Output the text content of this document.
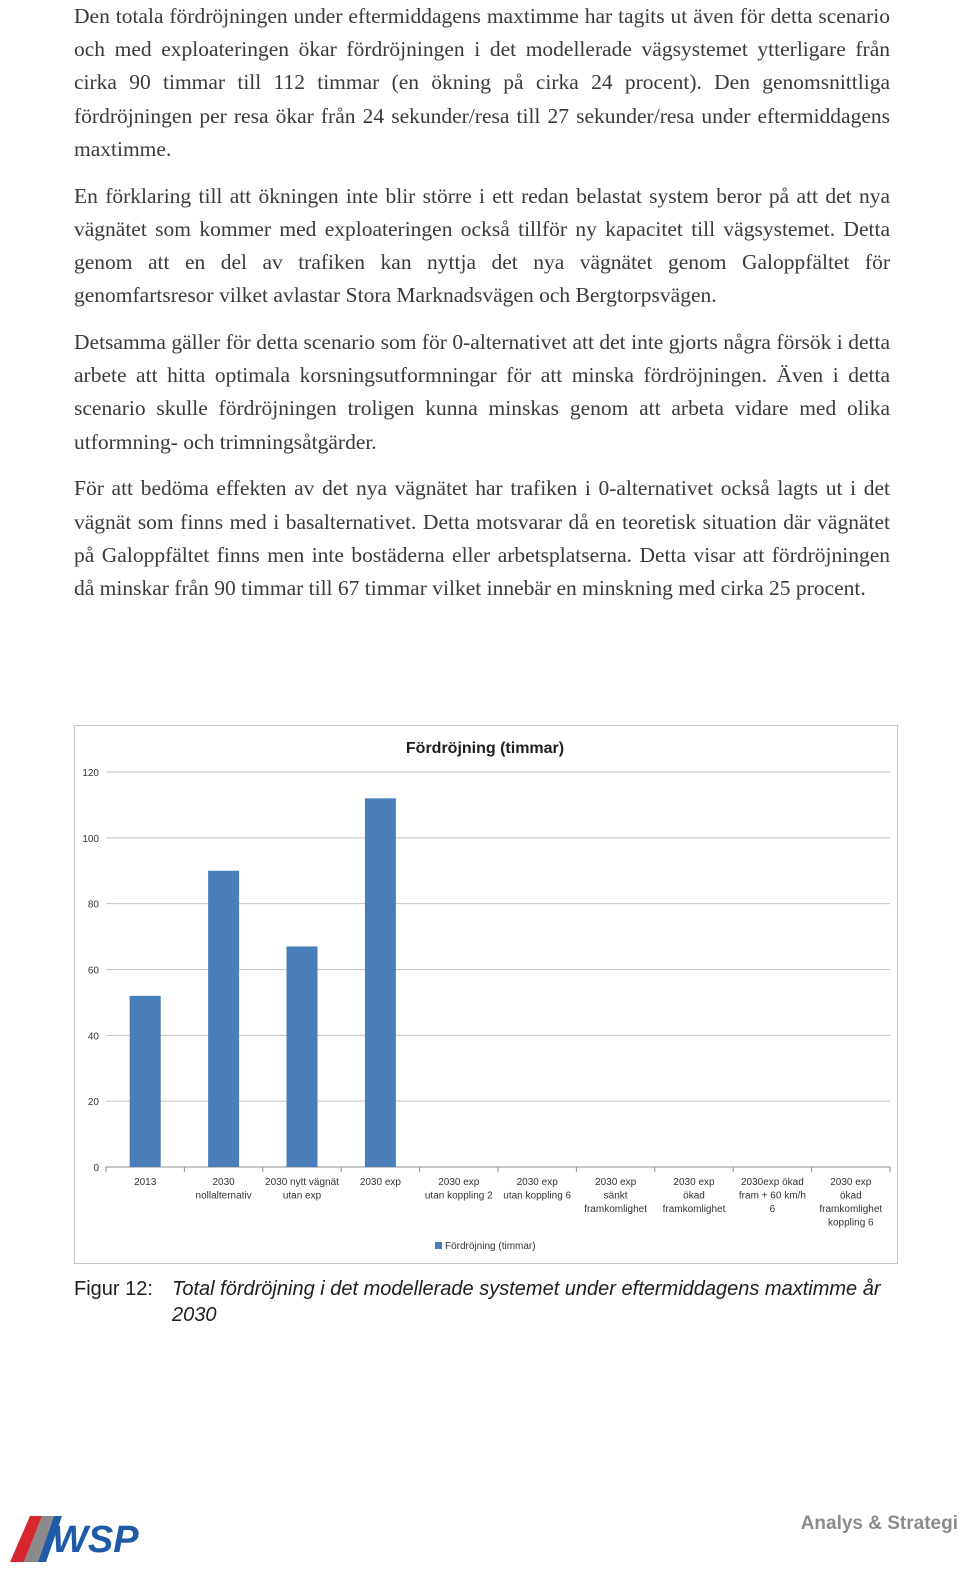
Den totala fördröjningen under eftermiddagens maxtimme har tagits ut även för detta scenario och med exploateringen ökar fördröjningen i det modellerade vägsystemet ytterligare från cirka 90 timmar till 112 timmar (en ökning på cirka 24 procent). Den genomsnittliga fördröjningen per resa ökar från 24 sekunder/resa till 27 sekunder/resa under eftermiddagens maxtimme.

En förklaring till att ökningen inte blir större i ett redan belastat system beror på att det nya vägnätet som kommer med exploateringen också tillför ny kapacitet till vägsystemet. Detta genom att en del av trafiken kan nyttja det nya vägnätet genom Galoppfältet för genomfartsresor vilket avlastar Stora Marknadsvägen och Bergtorpsvägen.

Detsamma gäller för detta scenario som för 0-alternativet att det inte gjorts några försök i detta arbete att hitta optimala korsningsutformningar för att minska fördröjningen. Även i detta scenario skulle fördröjningen troligen kunna minskas genom att arbeta vidare med olika utformning- och trimningsåtgärder.

För att bedöma effekten av det nya vägnätet har trafiken i 0-alternativet också lagts ut i det vägnät som finns med i basalternativet. Detta motsvarar då en teoretisk situation där vägnätet på Galoppfältet finns men inte bostäderna eller arbetsplatserna. Detta visar att fördröjningen då minskar från 90 timmar till 67 timmar vilket innebär en minskning med cirka 25 procent.

Fördröjning (timmar)
0
20
40
60
80
100
120
2013	2030 nollalternativ
2030 nytt vägnät utan exp
2030 exp	2030 exp utan koppling 2
2030 exp utan koppling 6
2030 exp sänkt framkomlighet
2030 exp ökad framkomlighet
2030exp ökad fram + 60 km/h 6
2030 exp ökad framkomlighet koppling 6
Fördröjning (timmar)
Figur 12: Total fördröjning i det modellerade systemet under eftermiddagens maxtimme år 2030
WSP	Analys & Strategi
